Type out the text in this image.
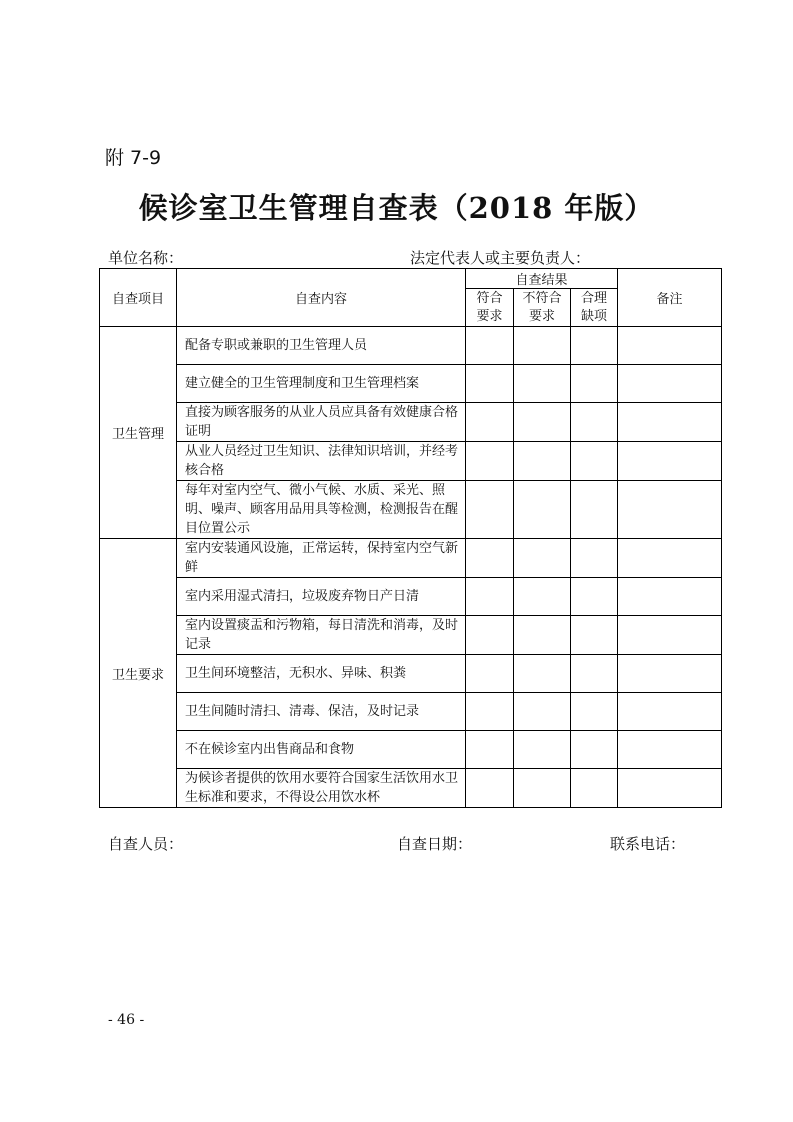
附 7-9
候诊室卫生管理自查表（2018 年版）
单位名称：	法定代表人或主要负责人：
自查项目	自查内容	自查结果			备注

		符合要求	不符合要求	合理缺项	

卫生管理	配备专职或兼职的卫生管理人员				
	建立健全的卫生管理制度和卫生管理档案				
	直接为顾客服务的从业人员应具备有效健康合格证明				
	从业人员经过卫生知识、法律知识培训，并经考核合格				
	每年对室内空气、微小气候、水质、采光、照明、噪声、顾客用品用具等检测，检测报告在醒目位置公示				
卫生要求	室内安装通风设施，正常运转，保持室内空气新鲜				
	室内采用湿式清扫，垃圾废弃物日产日清				
	室内设置痰盂和污物箱，每日清洗和消毒，及时记录				
	卫生间环境整洁，无积水、异味、积粪				
	卫生间随时清扫、清毒、保洁，及时记录				
	不在候诊室内出售商品和食物				
	为候诊者提供的饮用水要符合国家生活饮用水卫生标准和要求，不得设公用饮水杯				
自查人员：	自查日期：	联系电话：
- 46 -
